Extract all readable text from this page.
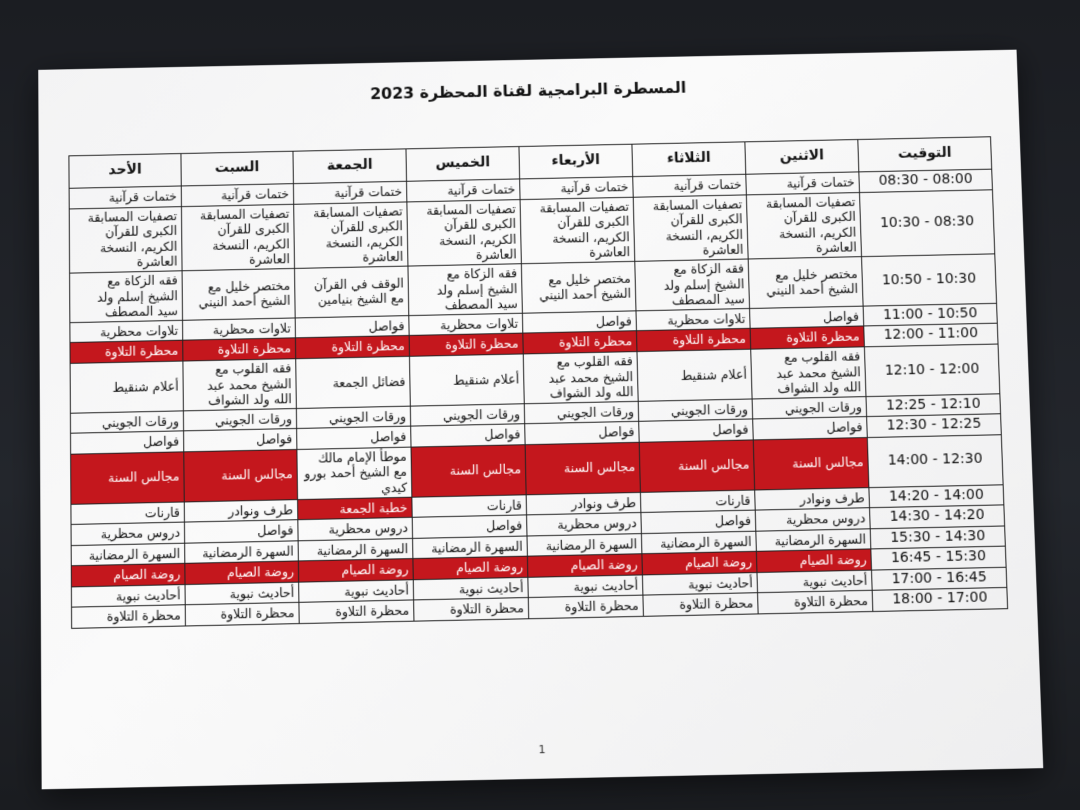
المسطرة البرامجية لقناة المحظرة 2023
التوقيت	الاثنين	الثلاثاء	الأربعاء	الخميس	الجمعة	السبت	الأحد
08:30 - 08:00	ختمات قرآنية	ختمات قرآنية	ختمات قرآنية	ختمات قرآنية	ختمات قرآنية	ختمات قرآنية	ختمات قرآنية
10:30 - 08:30	تصفيات المسابقة الكبرى للقرآن الكريم، النسخة العاشرة	تصفيات المسابقة الكبرى للقرآن الكريم، النسخة العاشرة	تصفيات المسابقة الكبرى للقرآن الكريم، النسخة العاشرة	تصفيات المسابقة الكبرى للقرآن الكريم، النسخة العاشرة	تصفيات المسابقة الكبرى للقرآن الكريم، النسخة العاشرة	تصفيات المسابقة الكبرى للقرآن الكريم، النسخة العاشرة	تصفيات المسابقة الكبرى للقرآن الكريم، النسخة العاشرة
10:50 - 10:30	مختصر خليل مع الشيخ أحمد النيني	فقه الزكاة مع الشيخ إسلم ولد سيد المصطف	مختصر خليل مع الشيخ أحمد النيني	فقه الزكاة مع الشيخ إسلم ولد سيد المصطف	الوقف في القرآن مع الشيخ بنيامين	مختصر خليل مع الشيخ أحمد النيني	فقه الزكاة مع الشيخ إسلم ولد سيد المصطف
11:00 - 10:50	فواصل	تلاوات محظرية	فواصل	تلاوات محظرية	فواصل	تلاوات محظرية	تلاوات محظرية
12:00 - 11:00	محظرة التلاوة	محظرة التلاوة	محظرة التلاوة	محظرة التلاوة	محظرة التلاوة	محظرة التلاوة	محظرة التلاوة
12:10 - 12:00	فقه القلوب مع الشيخ محمد عبد الله ولد الشواف	أعلام شنقيط	فقه القلوب مع الشيخ محمد عبد الله ولد الشواف	أعلام شنقيط	فضائل الجمعة	فقه القلوب مع الشيخ محمد عبد الله ولد الشواف	أعلام شنقيط
12:25 - 12:10	ورقات الجويني	ورقات الجويني	ورقات الجويني	ورقات الجويني	ورقات الجويني	ورقات الجويني	ورقات الجويني
12:30 - 12:25	فواصل	فواصل	فواصل	فواصل	فواصل	فواصل	فواصل
14:00 - 12:30	مجالس السنة	مجالس السنة	مجالس السنة	مجالس السنة	موطأ الإمام مالك مع الشيخ أحمد بورو كيدي	مجالس السنة	مجالس السنة
14:20 - 14:00	طرف ونوادر	قارنات	طرف ونوادر	قارنات	خطبة الجمعة	طرف ونوادر	قارنات
14:30 - 14:20	دروس محظرية	فواصل	دروس محظرية	فواصل	دروس محظرية	فواصل	دروس محظرية
15:30 - 14:30	السهرة الرمضانية	السهرة الرمضانية	السهرة الرمضانية	السهرة الرمضانية	السهرة الرمضانية	السهرة الرمضانية	السهرة الرمضانية
16:45 - 15:30	روضة الصيام	روضة الصيام	روضة الصيام	روضة الصيام	روضة الصيام	روضة الصيام	روضة الصيام
17:00 - 16:45	أحاديث نبوية	أحاديث نبوية	أحاديث نبوية	أحاديث نبوية	أحاديث نبوية	أحاديث نبوية	أحاديث نبوية
18:00 - 17:00	محظرة التلاوة	محظرة التلاوة	محظرة التلاوة	محظرة التلاوة	محظرة التلاوة	محظرة التلاوة	محظرة التلاوة
1
